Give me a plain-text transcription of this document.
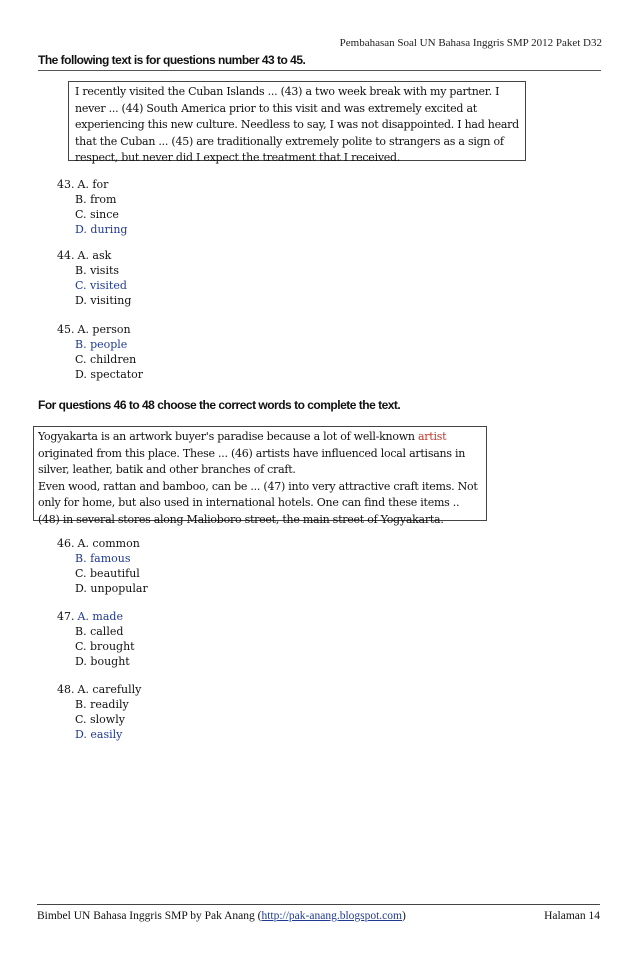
Pembahasan Soal UN Bahasa Inggris SMP 2012 Paket D32
The following text is for questions number 43 to 45.
I recently visited the Cuban Islands ... (43) a two week break with my partner. I
never ... (44) South America prior to this visit and was extremely excited at
experiencing this new culture. Needless to say, I was not disappointed. I had heard
that the Cuban ... (45) are traditionally extremely polite to strangers as a sign of
respect, but never did I expect the treatment that I received.
43. A. for
B. from
C. since
D. during
44. A. ask
B. visits
C. visited
D. visiting
45. A. person
B. people
C. children
D. spectator
For questions 46 to 48 choose the correct words to complete the text.
Yogyakarta is an artwork buyer's paradise because a lot of well-known artist
originated from this place. These ... (46) artists have influenced local artisans in
silver, leather, batik and other branches of craft.
Even wood, rattan and bamboo, can be ... (47) into very attractive craft items. Not
only for home, but also used in international hotels. One can find these items ..
(48) in several stores along Malioboro street, the main street of Yogyakarta.
46. A. common
B. famous
C. beautiful
D. unpopular
47. A. made
B. called
C. brought
D. bought
48. A. carefully
B. readily
C. slowly
D. easily
Bimbel UN Bahasa Inggris SMP by Pak Anang (http://pak-anang.blogspot.com)	Halaman 14
